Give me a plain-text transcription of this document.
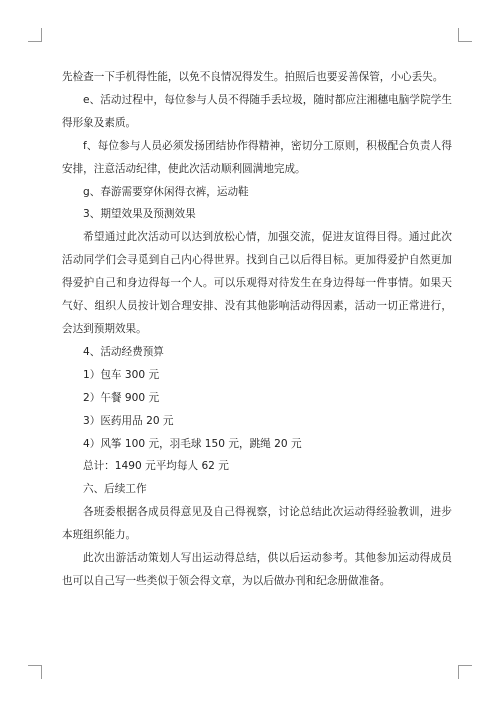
先检查一下手机得性能，以免不良情况得发生。拍照后也要妥善保管，小心丢失。

e、活动过程中，每位参与人员不得随手丢垃圾，随时都应注湘穗电脑学院学生得形象及素质。

f、每位参与人员必须发扬团结协作得精神，密切分工原则，积极配合负责人得安排，注意活动纪律，使此次活动顺利圆满地完成。

g、春游需要穿休闲得衣裤，运动鞋

3、期望效果及预测效果

希望通过此次活动可以达到放松心情，加强交流，促进友谊得目得。通过此次活动同学们会寻觅到自己内心得世界。找到自己以后得目标。更加得爱护自然更加得爱护自己和身边得每一个人。可以乐观得对待发生在身边得每一件事情。如果天气好、组织人员按计划合理安排、没有其他影响活动得因素，活动一切正常进行，会达到预期效果。

4、活动经费预算

1）包车 300 元

2）午餐 900 元

3）医药用品 20 元

4）风筝 100 元，羽毛球 150 元，跳绳 20 元

总计：1490 元平均每人 62 元

六、后续工作

各班委根据各成员得意见及自己得视察，讨论总结此次运动得经验教训，进步本班组织能力。

此次出游活动策划人写出运动得总结，供以后运动参考。其他参加运动得成员也可以自己写一些类似于领会得文章，为以后做办刊和纪念册做准备。
